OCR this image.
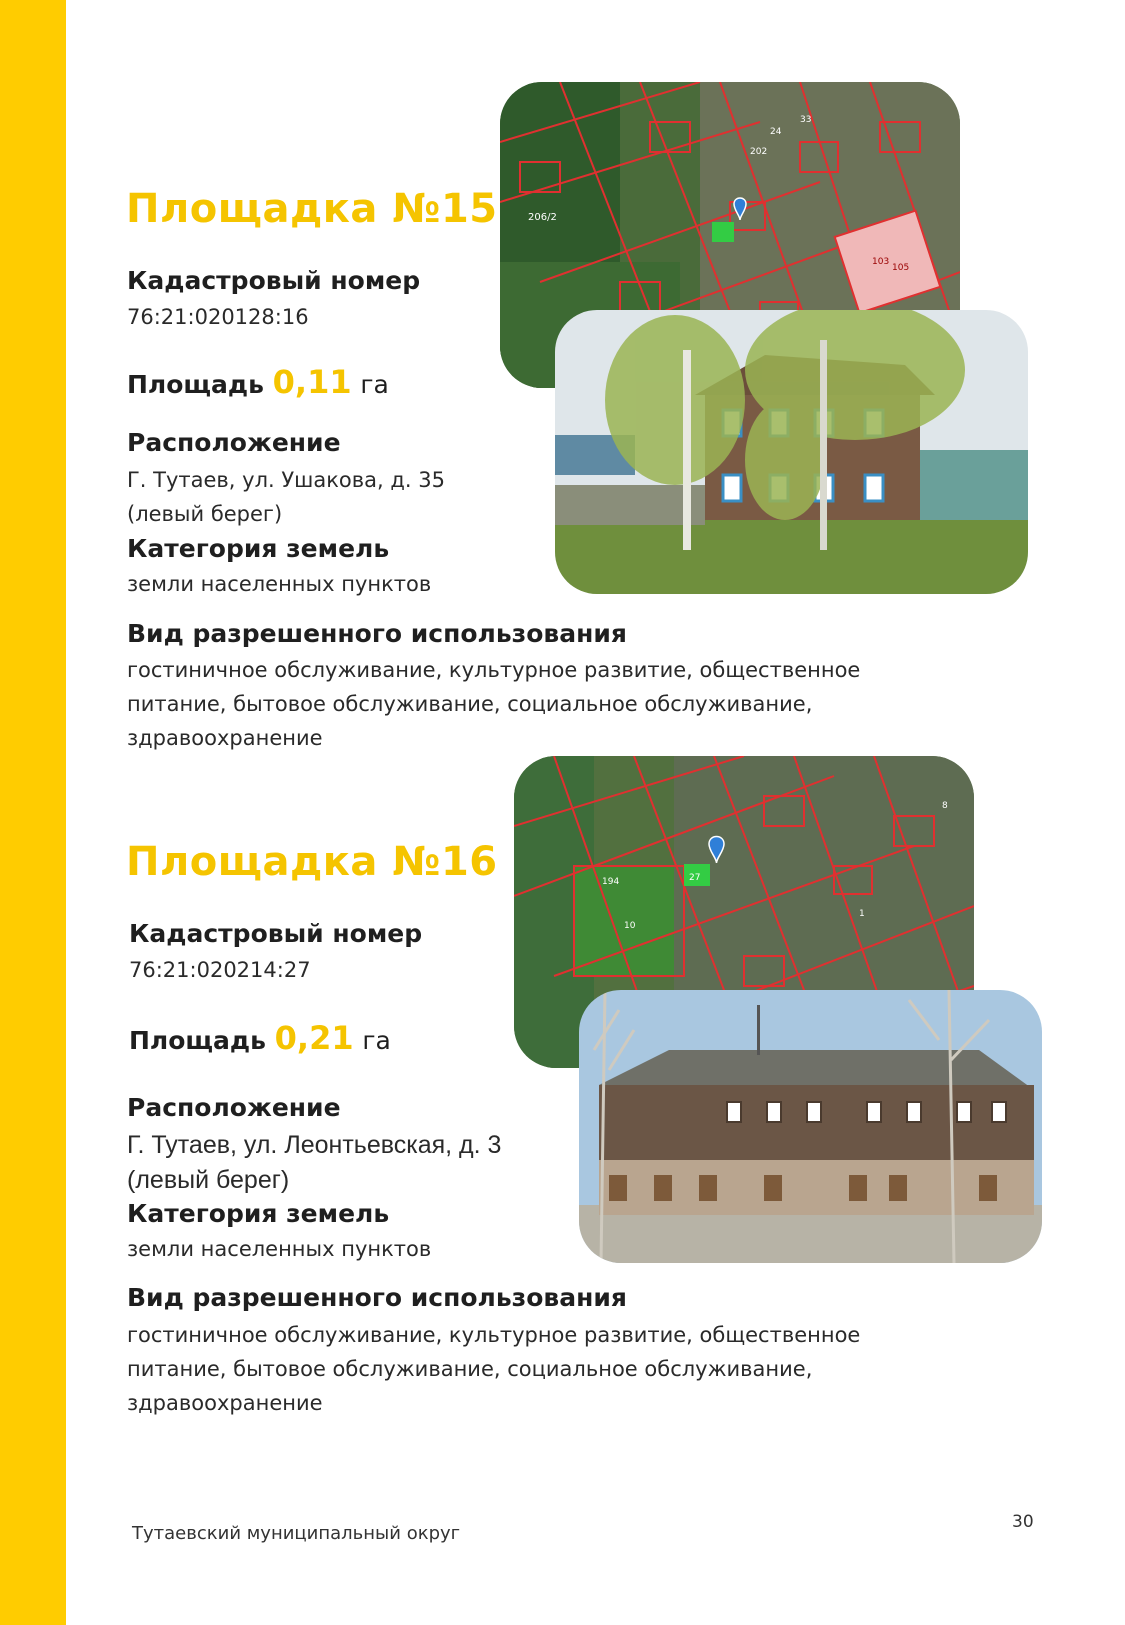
Площадка №15
Кадастровый номер
76:21:020128:16
Площадь 0,11 га
Расположение
Г. Тутаев, ул. Ушакова, д. 35
(левый берег)
Категория земель
земли населенных пунктов
Вид разрешенного использования
гостиничное обслуживание, культурное развитие, общественное
питание, бытовое обслуживание, социальное обслуживание,
здравоохранение
206/2
103
105
33
24
202
Площадка №16
Кадастровый номер
76:21:020214:27
Площадь 0,21 га
Расположение
Г. Тутаев, ул. Леонтьевская, д. 3
(левый берег)
Категория земель
земли населенных пунктов
Вид разрешенного использования
гостиничное обслуживание, культурное развитие, общественное
питание, бытовое обслуживание, социальное обслуживание,
здравоохранение
194
10
27
8
1
Тутаевский муниципальный округ
30
